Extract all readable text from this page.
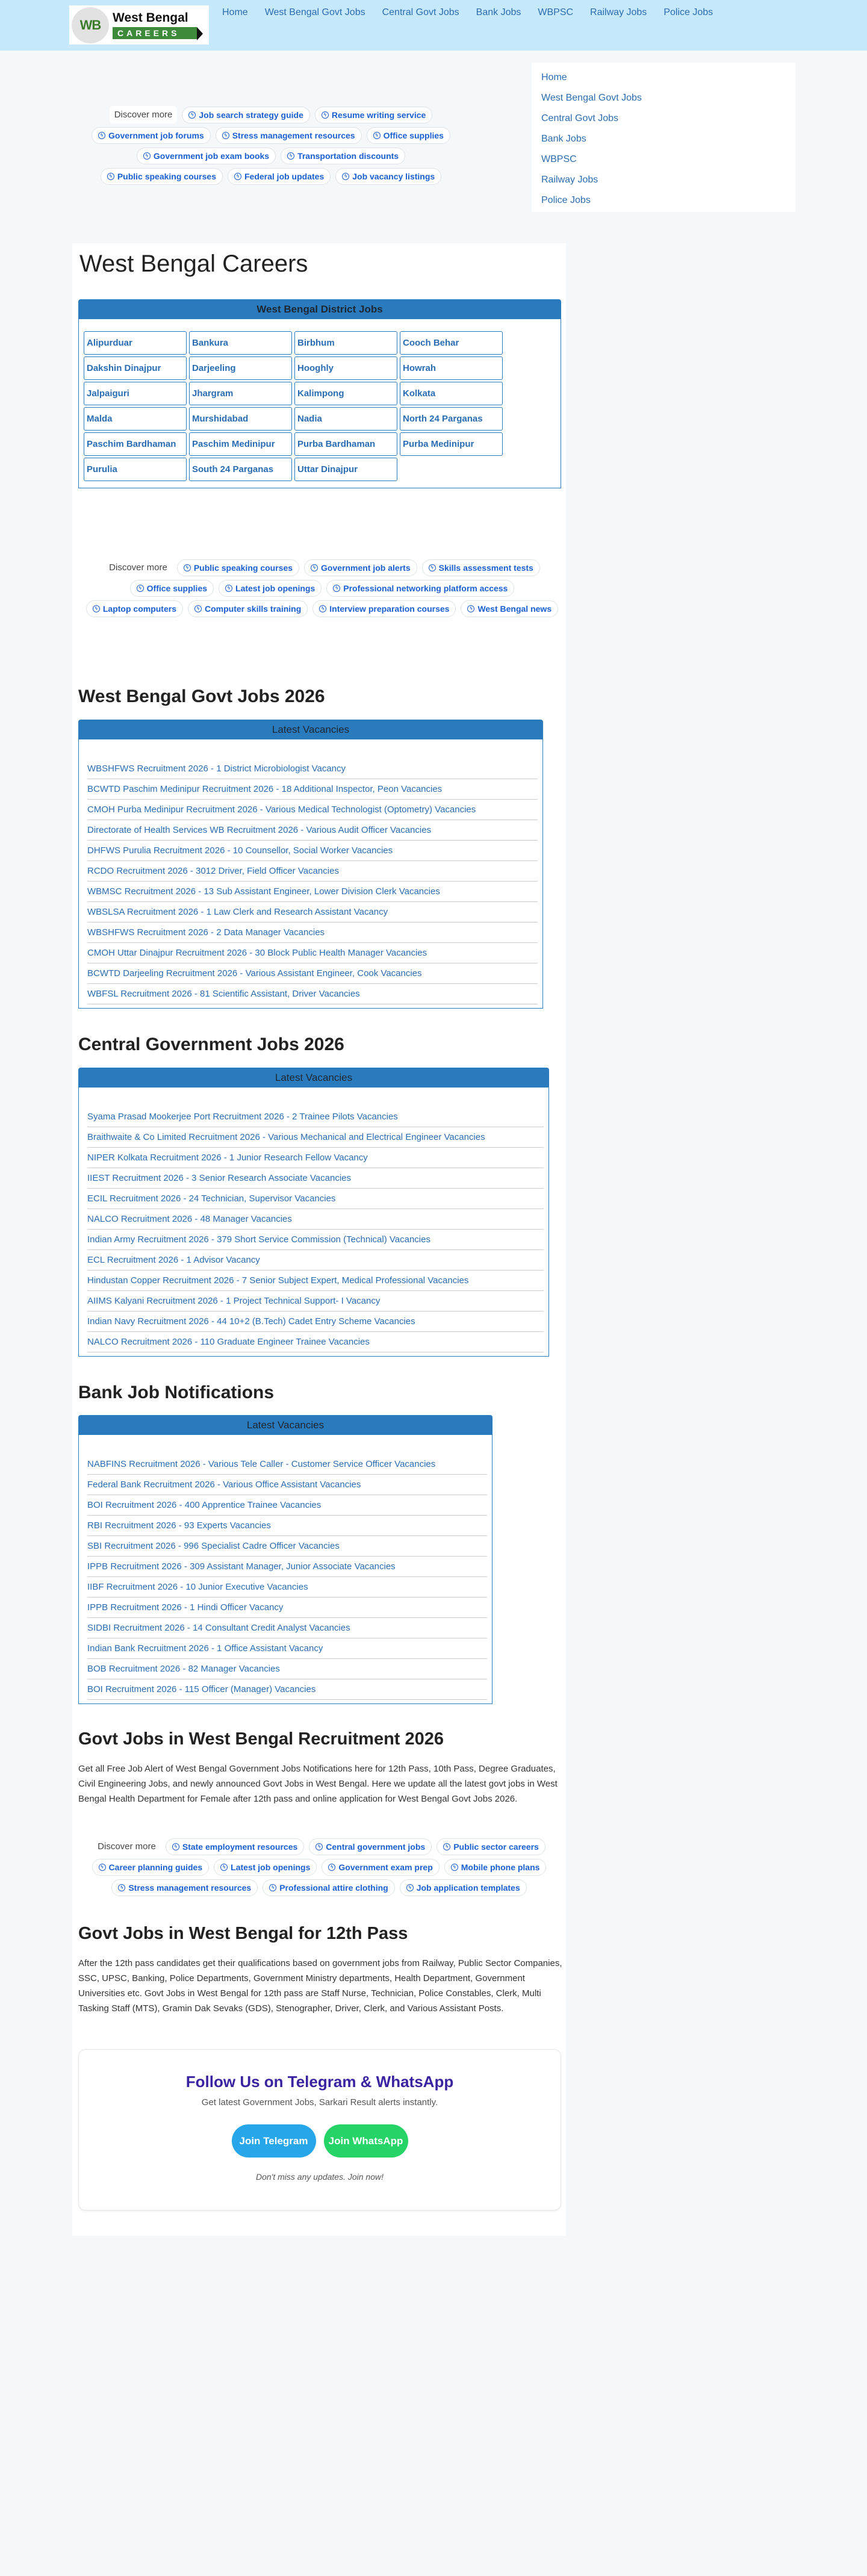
WB West Bengal
CAREERS
Home West Bengal Govt Jobs Central Govt Jobs Bank Jobs WBPSC Railway Jobs Police Jobs
Discover more	ϟ Job search strategy guide	ϟ Resume writing service
ϟ Government job forums	ϟ Stress management resources	ϟ Office supplies
ϟ Government job exam books	ϟ Transportation discounts
ϟ Public speaking courses	ϟ Federal job updates	ϟ Job vacancy listings
Home
West Bengal Govt Jobs
Central Govt Jobs
Bank Jobs
WBPSC
Railway Jobs
Police Jobs
West Bengal Careers
West Bengal District Jobs
Alipurduar	Bankura	Birbhum	Cooch Behar
Dakshin Dinajpur	Darjeeling	Hooghly	Howrah
Jalpaiguri	Jhargram	Kalimpong	Kolkata
Malda	Murshidabad	Nadia	North 24 Parganas
Paschim Bardhaman	Paschim Medinipur	Purba Bardhaman	Purba Medinipur
Purulia	South 24 Parganas	Uttar Dinajpur
Discover more	ϟ Public speaking courses	ϟ Government job alerts	ϟ Skills assessment tests
ϟ Office supplies	ϟ Latest job openings	ϟ Professional networking platform access
ϟ Laptop computers	ϟ Computer skills training	ϟ Interview preparation courses	ϟ West Bengal news
West Bengal Govt Jobs 2026
Latest Vacancies
WBSHFWS Recruitment 2026 - 1 District Microbiologist Vacancy
BCWTD Paschim Medinipur Recruitment 2026 - 18 Additional Inspector, Peon Vacancies
CMOH Purba Medinipur Recruitment 2026 - Various Medical Technologist (Optometry) Vacancies
Directorate of Health Services WB Recruitment 2026 - Various Audit Officer Vacancies
DHFWS Purulia Recruitment 2026 - 10 Counsellor, Social Worker Vacancies
RCDO Recruitment 2026 - 3012 Driver, Field Officer Vacancies
WBMSC Recruitment 2026 - 13 Sub Assistant Engineer, Lower Division Clerk Vacancies
WBSLSA Recruitment 2026 - 1 Law Clerk and Research Assistant Vacancy
WBSHFWS Recruitment 2026 - 2 Data Manager Vacancies
CMOH Uttar Dinajpur Recruitment 2026 - 30 Block Public Health Manager Vacancies
BCWTD Darjeeling Recruitment 2026 - Various Assistant Engineer, Cook Vacancies
WBFSL Recruitment 2026 - 81 Scientific Assistant, Driver Vacancies
Central Government Jobs 2026
Latest Vacancies
Syama Prasad Mookerjee Port Recruitment 2026 - 2 Trainee Pilots Vacancies
Braithwaite & Co Limited Recruitment 2026 - Various Mechanical and Electrical Engineer Vacancies
NIPER Kolkata Recruitment 2026 - 1 Junior Research Fellow Vacancy
IIEST Recruitment 2026 - 3 Senior Research Associate Vacancies
ECIL Recruitment 2026 - 24 Technician, Supervisor Vacancies
NALCO Recruitment 2026 - 48 Manager Vacancies
Indian Army Recruitment 2026 - 379 Short Service Commission (Technical) Vacancies
ECL Recruitment 2026 - 1 Advisor Vacancy
Hindustan Copper Recruitment 2026 - 7 Senior Subject Expert, Medical Professional Vacancies
AIIMS Kalyani Recruitment 2026 - 1 Project Technical Support- I Vacancy
Indian Navy Recruitment 2026 - 44 10+2 (B.Tech) Cadet Entry Scheme Vacancies
NALCO Recruitment 2026 - 110 Graduate Engineer Trainee Vacancies
Bank Job Notifications
Latest Vacancies
NABFINS Recruitment 2026 - Various Tele Caller - Customer Service Officer Vacancies
Federal Bank Recruitment 2026 - Various Office Assistant Vacancies
BOI Recruitment 2026 - 400 Apprentice Trainee Vacancies
RBI Recruitment 2026 - 93 Experts Vacancies
SBI Recruitment 2026 - 996 Specialist Cadre Officer Vacancies
IPPB Recruitment 2026 - 309 Assistant Manager, Junior Associate Vacancies
IIBF Recruitment 2026 - 10 Junior Executive Vacancies
IPPB Recruitment 2026 - 1 Hindi Officer Vacancy
SIDBI Recruitment 2026 - 14 Consultant Credit Analyst Vacancies
Indian Bank Recruitment 2026 - 1 Office Assistant Vacancy
BOB Recruitment 2026 - 82 Manager Vacancies
BOI Recruitment 2026 - 115 Officer (Manager) Vacancies
Govt Jobs in West Bengal Recruitment 2026

Get all Free Job Alert of West Bengal Government Jobs Notifications here for 12th Pass, 10th Pass, Degree Graduates, Civil Engineering Jobs, and newly announced Govt Jobs in West Bengal. Here we update all the latest govt jobs in West Bengal Health Department for Female after 12th pass and online application for West Bengal Govt Jobs 2026.

Discover more	ϟ State employment resources	ϟ Central government jobs	ϟ Public sector careers
ϟ Career planning guides	ϟ Latest job openings	ϟ Government exam prep	ϟ Mobile phone plans
ϟ Stress management resources	ϟ Professional attire clothing	ϟ Job application templates
Govt Jobs in West Bengal for 12th Pass

After the 12th pass candidates get their qualifications based on government jobs from Railway, Public Sector Companies, SSC, UPSC, Banking, Police Departments, Government Ministry departments, Health Department, Government Universities etc. Govt Jobs in West Bengal for 12th pass are Staff Nurse, Technician, Police Constables, Clerk, Multi Tasking Staff (MTS), Gramin Dak Sevaks (GDS), Stenographer, Driver, Clerk, and Various Assistant Posts.

Follow Us on Telegram & WhatsApp
Get latest Government Jobs, Sarkari Result alerts instantly.
Join Telegram	Join WhatsApp
Don't miss any updates. Join now!
